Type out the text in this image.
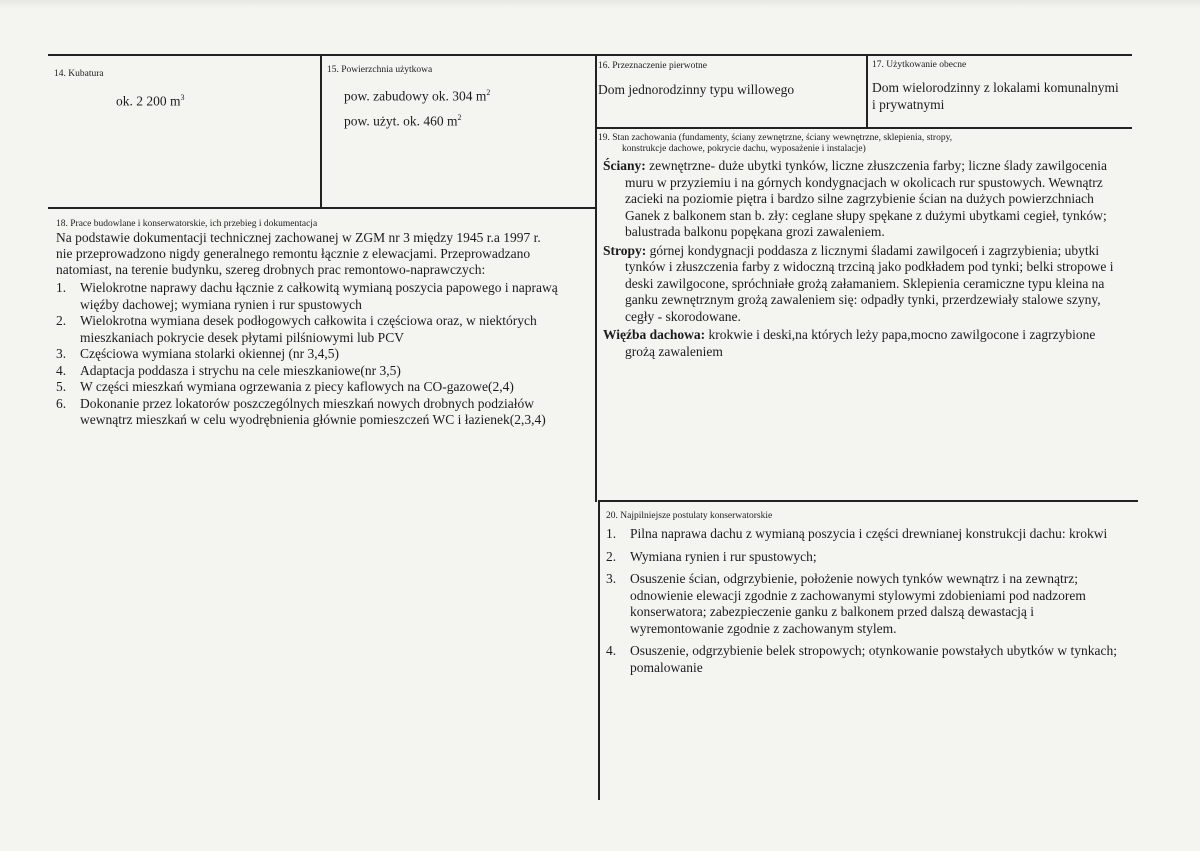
14. Kubatura
ok. 2 200 $m^3$
15. Powierzchnia użytkowa
pow. zabudowy ok. 304 $m^2$
pow. użyt. ok. 460 $m^2$
16. Przeznaczenie pierwotne
Dom jednorodzinny typu willowego
17. Użytkowanie obecne
Dom wielorodzinny z lokalami komunalnymi
i prywatnymi
18. Prace budowlane i konserwatorskie, ich przebieg i dokumentacja
Na podstawie dokumentacji technicznej zachowanej w ZGM nr 3 między 1945 r.a 1997 r.
nie przeprowadzono nigdy generalnego remontu łącznie z elewacjami. Przeprowadzano
natomiast, na terenie budynku, szereg drobnych prac remontowo-naprawczych:
1.	Wielokrotne naprawy dachu łącznie z całkowitą wymianą poszycia papowego i naprawą
więźby dachowej; wymiana rynien i rur spustowych
2.	Wielokrotna wymiana desek podłogowych całkowita i częściowa oraz, w niektórych
mieszkaniach pokrycie desek płytami pilśniowymi lub PCV
3.	Częściowa wymiana stolarki okiennej (nr 3,4,5)
4.	Adaptacja poddasza i strychu na cele mieszkaniowe(nr 3,5)
5.	W części mieszkań wymiana ogrzewania z piecy kaflowych na CO-gazowe(2,4)
6.	Dokonanie przez lokatorów poszczególnych mieszkań nowych drobnych podziałów
wewnątrz mieszkań w celu wyodrębnienia głównie pomieszczeń WC i łazienek(2,3,4)
19. Stan zachowania (fundamenty, ściany zewnętrzne, ściany wewnętrzne, sklepienia, stropy,
konstrukcje dachowe, pokrycie dachu, wyposażenie i instalacje)
Ściany: zewnętrzne- duże ubytki tynków, liczne złuszczenia farby; liczne ślady zawilgocenia
muru w przyziemiu i na górnych kondygnacjach w okolicach rur spustowych. Wewnątrz
zacieki na poziomie piętra i bardzo silne zagrzybienie ścian na dużych powierzchniach
Ganek z balkonem stan b. zły: ceglane słupy spękane z dużymi ubytkami cegieł, tynków;
balustrada balkonu popękana grozi zawaleniem.
Stropy: górnej kondygnacji poddasza z licznymi śladami zawilgoceń i zagrzybienia; ubytki
tynków i złuszczenia farby z widoczną trzciną jako podkładem pod tynki; belki stropowe i
deski zawilgocone, spróchniałe grożą załamaniem. Sklepienia ceramiczne typu kleina na
ganku zewnętrznym grożą zawaleniem się: odpadły tynki, przerdzewiały stalowe szyny,
cegły - skorodowane.
Więźba dachowa: krokwie i deski,na których leży papa,mocno zawilgocone i zagrzybione
grożą zawaleniem
20. Najpilniejsze postulaty konserwatorskie
1.	Pilna naprawa dachu z wymianą poszycia i części drewnianej konstrukcji dachu: krokwi
2.	Wymiana rynien i rur spustowych;
3.	Osuszenie ścian, odgrzybienie, położenie nowych tynków wewnątrz i na zewnątrz;
odnowienie elewacji zgodnie z zachowanymi stylowymi zdobieniami pod nadzorem
konserwatora; zabezpieczenie ganku z balkonem przed dalszą dewastacją i
wyremontowanie zgodnie z zachowanym stylem.
4.	Osuszenie, odgrzybienie belek stropowych; otynkowanie powstałych ubytków w tynkach;
pomalowanie
